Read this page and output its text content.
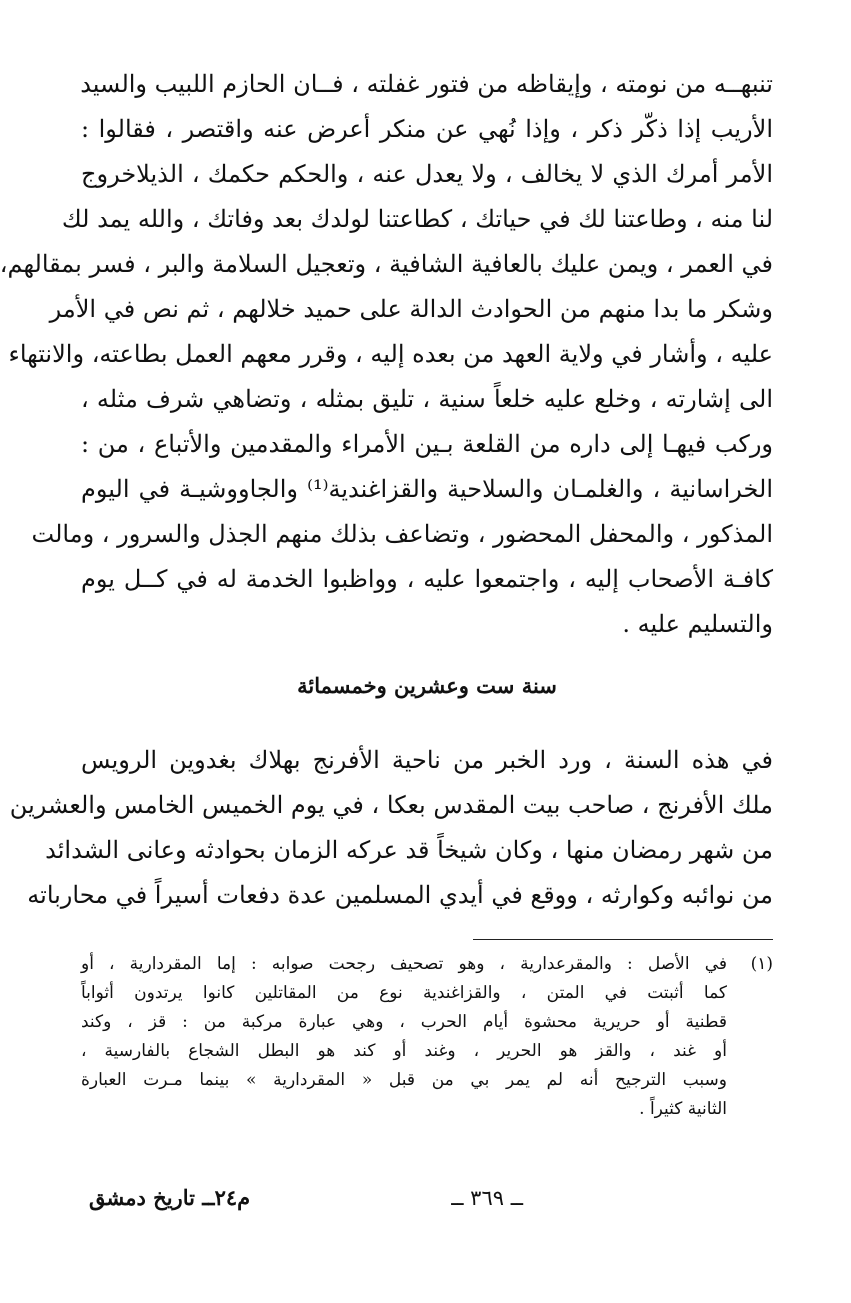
تنبهــه من نومته ، وإيقاظه من فتور غفلته ، فــان الحازم اللبيب والسيد
الأريب إذا ذكّر ذكر ، وإذا نُهي عن منكر أعرض عنه واقتصر ، فقالوا :
الأمر أمرك الذي لا يخالف ، ولا يعدل عنه ، والحكم حكمك ، الذيلاخروج
لنا منه ، وطاعتنا لك في حياتك ، كطاعتنا لولدك بعد وفاتك ، والله يمد لك
في العمر ، ويمن عليك بالعافية الشافية ، وتعجيل السلامة والبر ، فسر بمقالهم،
وشكر ما بدا منهم من الحوادث الدالة على حميد خلالهم ، ثم نص في الأمر
عليه ، وأشار في ولاية العهد من بعده إليه ، وقرر معهم العمل بطاعته، والانتهاء
الى إشارته ، وخلع عليه خلعاً سنية ، تليق بمثله ، وتضاهي شرف مثله ،
وركب فيهـا إلى داره من القلعة بـين الأمراء والمقدمين والأتباع ، من :
الخراسانية ، والغلمـان والسلاحية والقزاغندية⁽¹⁾ والجاووشيـة في اليوم
المذكور ، والمحفل المحضور ، وتضاعف بذلك منهم الجذل والسرور ، ومالت
كافـة الأصحاب إليه ، واجتمعوا عليه ، وواظبوا الخدمة له في كــل يوم
والتسليم عليه .
سنة ست وعشرين وخمسمائة
في هذه السنة ، ورد الخبر من ناحية الأفرنج بهلاك بغدوين الرويس
ملك الأفرنج ، صاحب بيت المقدس بعكا ، في يوم الخميس الخامس والعشرين
من شهر رمضان منها ، وكان شيخاً قد عركه الزمان بحوادثه وعانى الشدائد
من نوائبه وكوارثه ، ووقع في أيدي المسلمين عدة دفعات أسيراً في محارباته
(١)
في الأصل : والمقرعدارية ، وهو تصحيف رجحت صوابه : إما المقردارية ، أو
كما أثبتت في المتن ، والقزاغندية نوع من المقاتلين كانوا يرتدون أثواباً
قطنية أو حريرية محشوة أيام الحرب ، وهي عبارة مركبة من : قز ، وكند
أو غند ، والقز هو الحرير ، وغند أو كند هو البطل الشجاع بالفارسية ،
وسبب الترجيح أنه لم يمر بي من قبل « المقردارية » بينما مـرت العبارة
الثانية كثيراً .
ــ ٣٦٩ ــ
م٢٤ــ تاريخ دمشق
